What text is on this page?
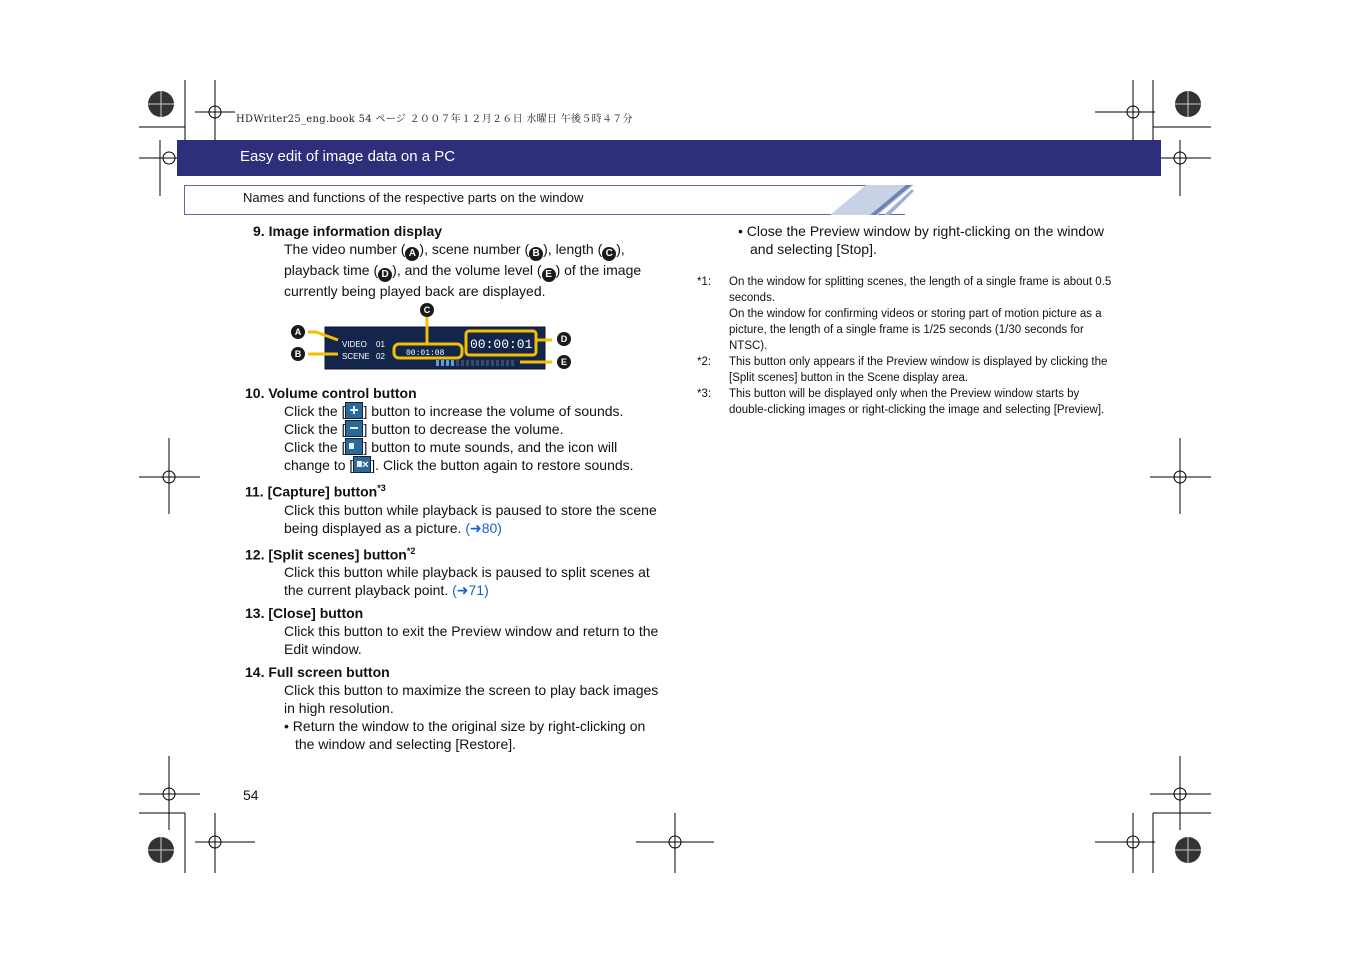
HDWriter25_eng.book 54 ページ ２００７年１２月２６日 水曜日 午後５時４７分
Easy edit of image data on a PC
Names and functions of the respective parts on the window

9. Image information display

The video number ( A ), scene number ( B ), length ( C ),
playback time ( D ), and the volume level ( E ) of the image
currently being played back are displayed.
VIDEO 01
SCENE 02	00:01:08
00:00:01
A
B
C
D
E

10. Volume control button

Click the [ ] button to increase the volume of sounds.
Click the [ ] button to decrease the volume.
Click the [ ] button to mute sounds, and the icon will
change to [× ]. Click the button again to restore sounds.

11. [Capture] button$^{*3}$

Click this button while playback is paused to store the scene being displayed as a picture. (➜80)

12. [Split scenes] button$^{*2}$

Click this button while playback is paused to split scenes at the current playback point. (➜71)

13. [Close] button

Click this button to exit the Preview window and return to the Edit window.

14. Full screen button

Click this button to maximize the screen to play back images in high resolution.
• Return the window to the original size by right-clicking on the window and selecting [Restore].
• Close the Preview window by right-clicking on the window and selecting [Stop].
*1:	On the window for splitting scenes, the length of a single frame is about 0.5 seconds.
On the window for confirming videos or storing part of motion picture as a picture, the length of a single frame is 1/25 seconds (1/30 seconds for NTSC).
*2:	This button only appears if the Preview window is displayed by clicking the [Split scenes] button in the Scene display area.
*3:	This button will be displayed only when the Preview window starts by double-clicking images or right-clicking the image and selecting [Preview].
54
